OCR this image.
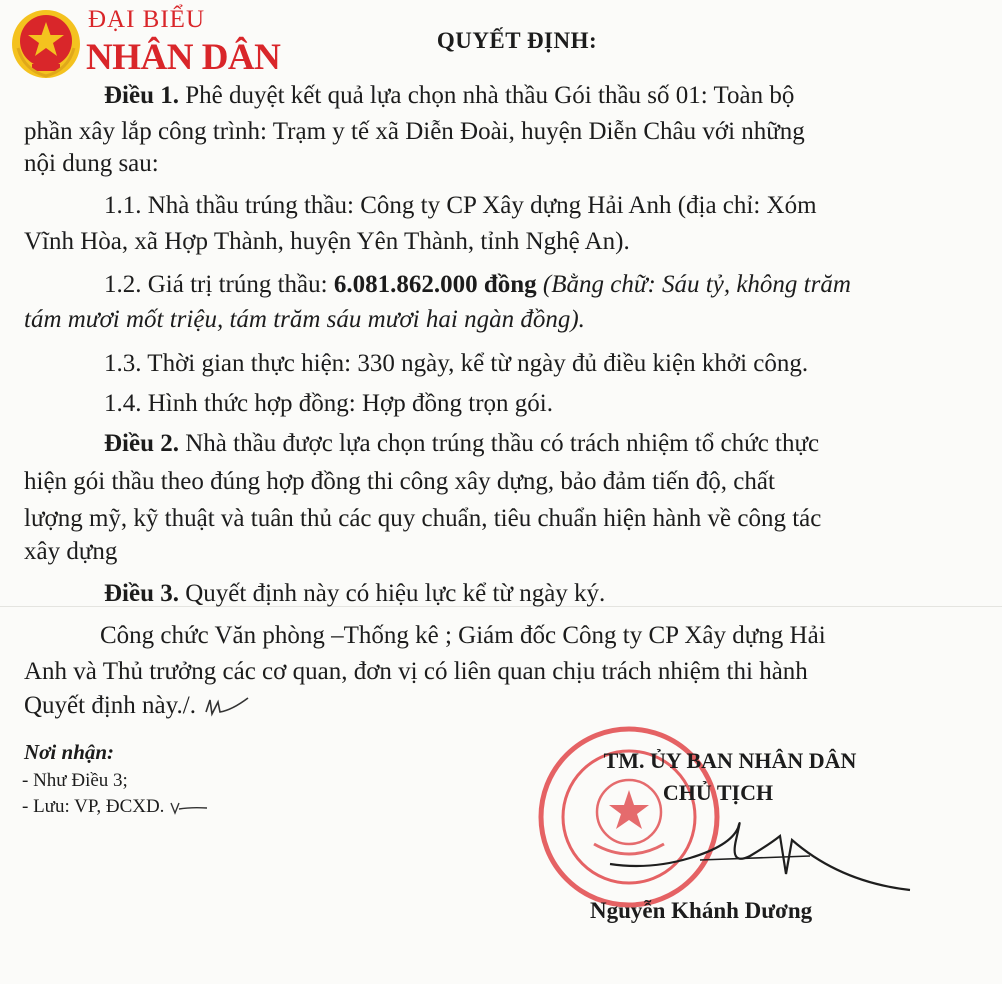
ĐẠI BIỂU
NHÂN DÂN	QUYẾT ĐỊNH:
Điều 1. Phê duyệt kết quả lựa chọn nhà thầu Gói thầu số 01: Toàn bộ
phần xây lắp công trình: Trạm y tế xã Diễn Đoài, huyện Diễn Châu với những
nội dung sau:
1.1. Nhà thầu trúng thầu: Công ty CP Xây dựng Hải Anh (địa chỉ: Xóm
Vĩnh Hòa, xã Hợp Thành, huyện Yên Thành, tỉnh Nghệ An).
1.2. Giá trị trúng thầu: 6.081.862.000 đồng (Bằng chữ: Sáu tỷ, không trăm
tám mươi mốt triệu, tám trăm sáu mươi hai ngàn đồng).
1.3. Thời gian thực hiện: 330 ngày, kể từ ngày đủ điều kiện khởi công.
1.4. Hình thức hợp đồng: Hợp đồng trọn gói.
Điều 2. Nhà thầu được lựa chọn trúng thầu có trách nhiệm tổ chức thực
hiện gói thầu theo đúng hợp đồng thi công xây dựng, bảo đảm tiến độ, chất
lượng mỹ, kỹ thuật và tuân thủ các quy chuẩn, tiêu chuẩn hiện hành về công tác
xây dựng
Điều 3. Quyết định này có hiệu lực kể từ ngày ký.
Công chức Văn phòng –Thống kê ; Giám đốc Công ty CP Xây dựng Hải
Anh và Thủ trưởng các cơ quan, đơn vị có liên quan chịu trách nhiệm thi hành
Quyết định này./.
Nơi nhận:
- Như Điều 3;
- Lưu: VP, ĐCXD.
TM. ỦY BAN NHÂN DÂN
CHỦ TỊCH
Nguyễn Khánh Dương
